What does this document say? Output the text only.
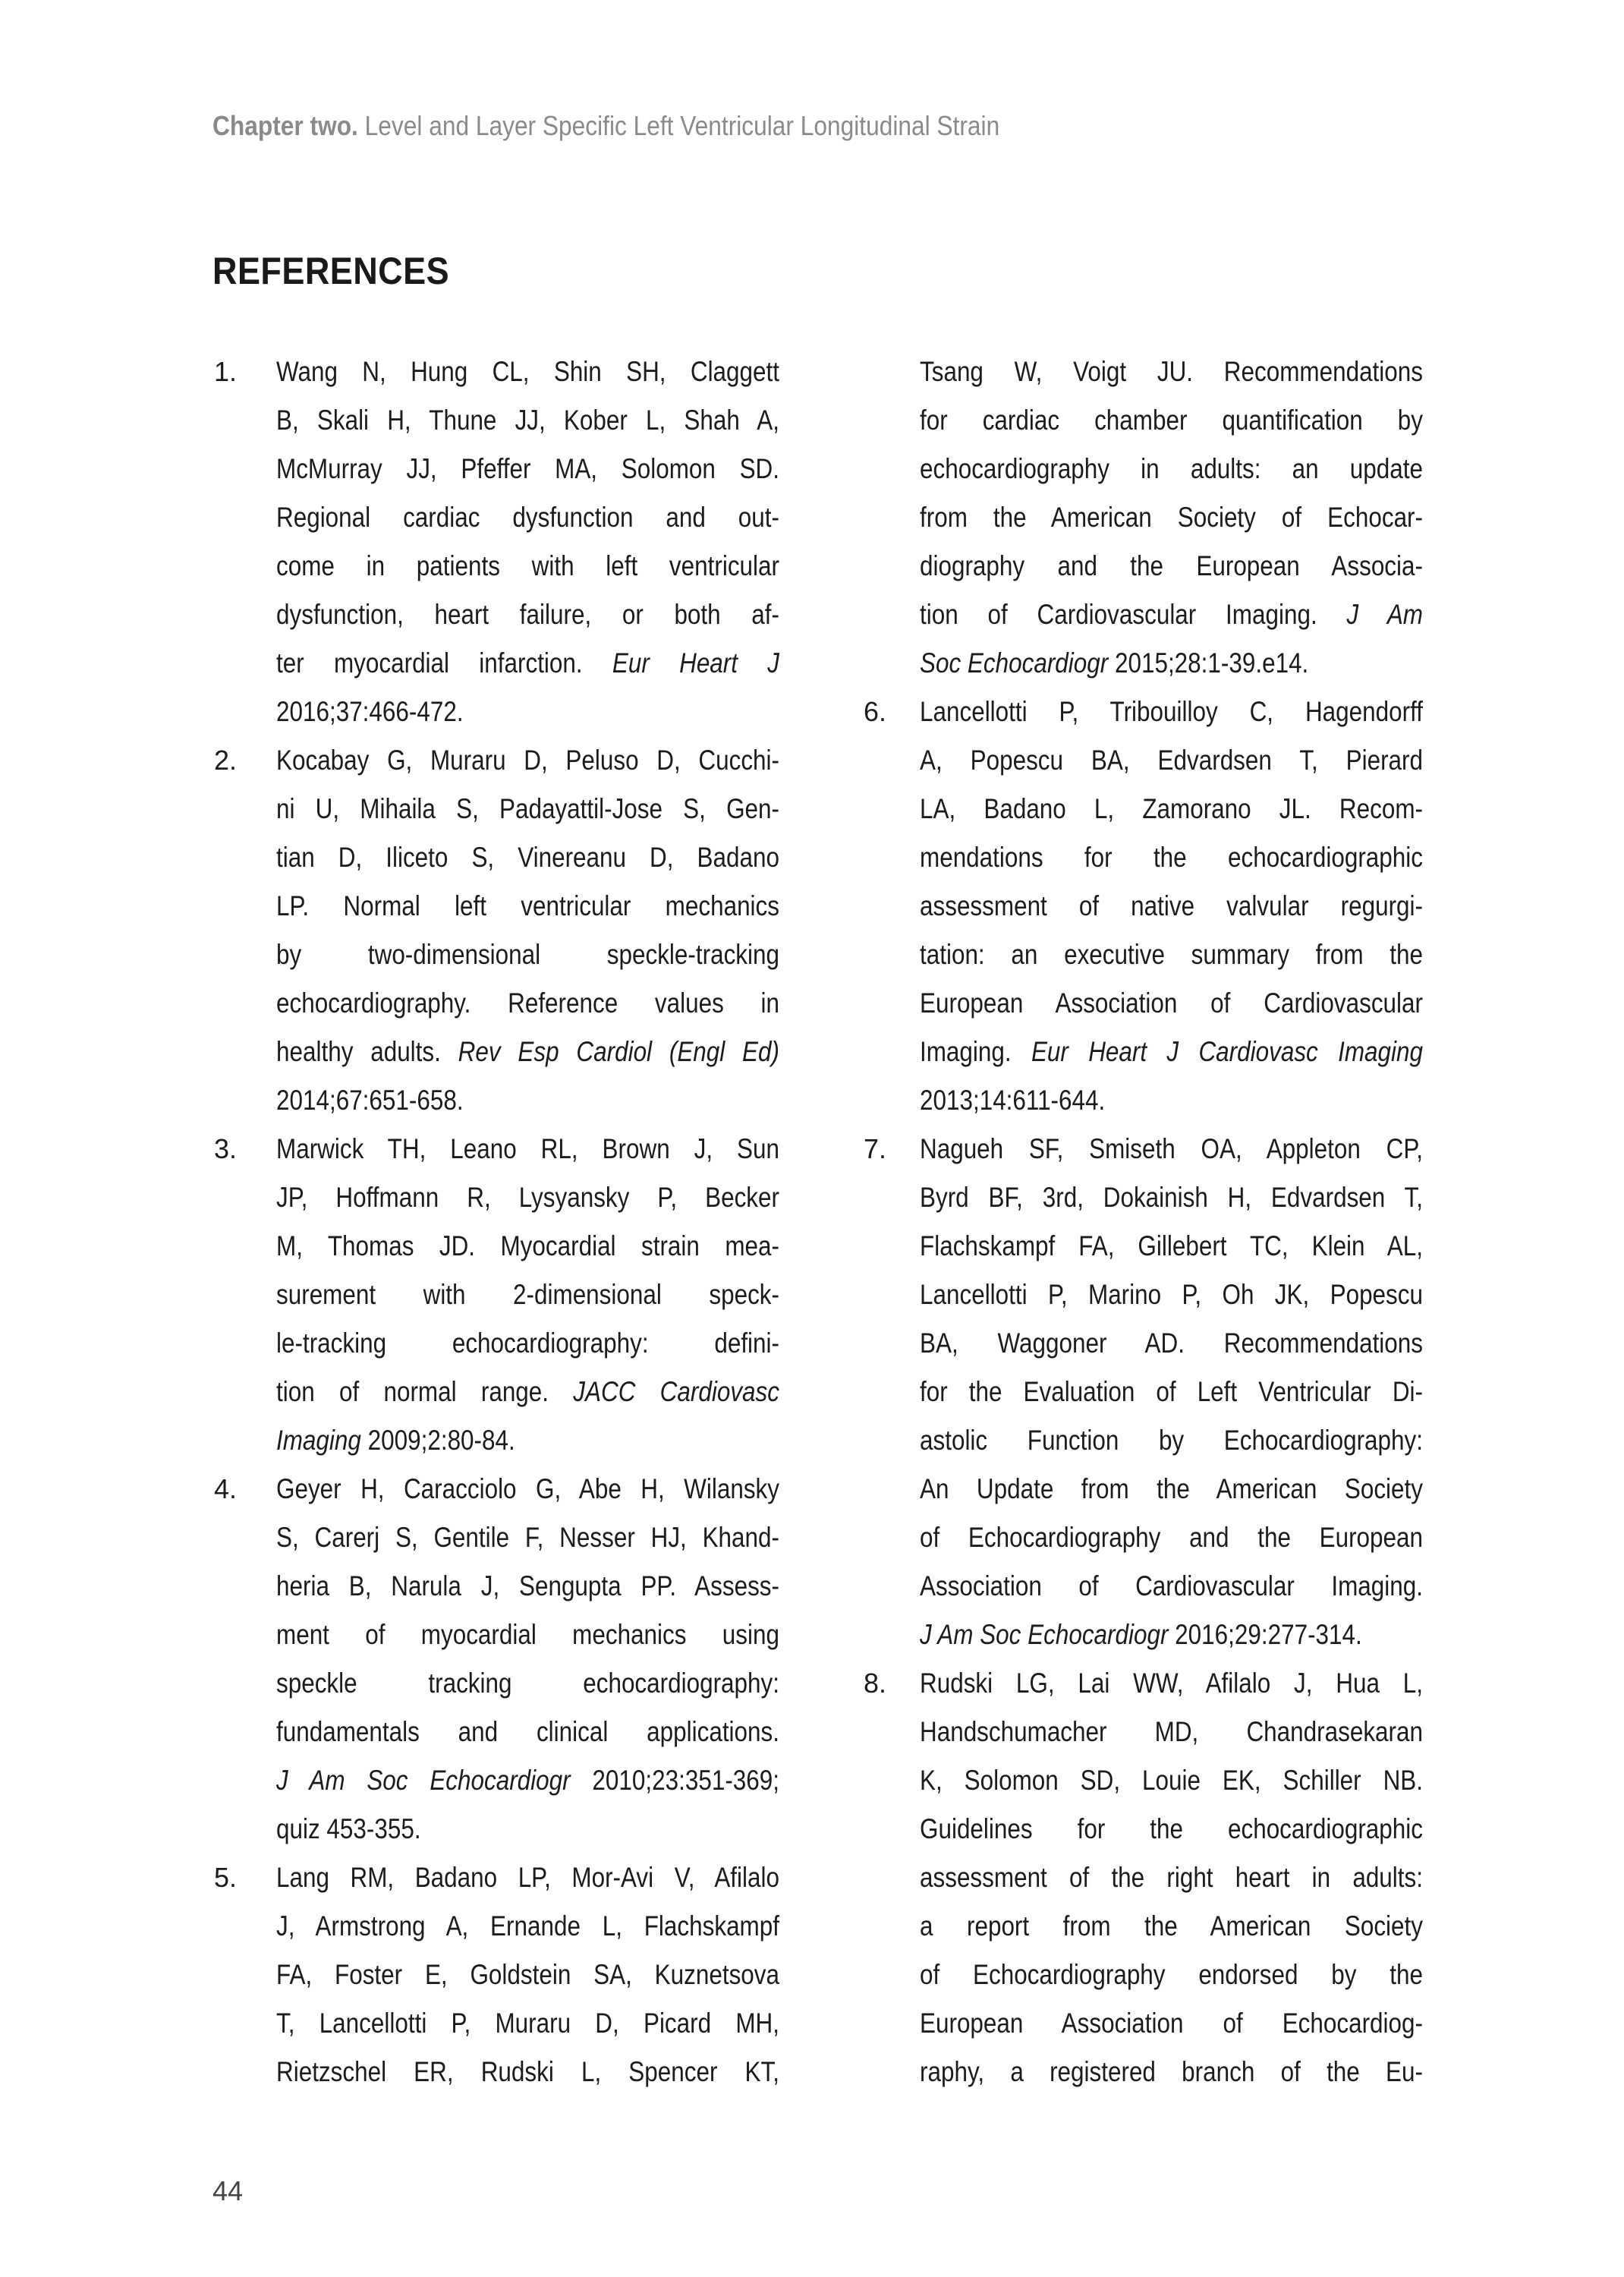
Chapter two. Level and Layer Specific Left Ventricular Longitudinal Strain
REFERENCES
1. Wang N, Hung CL, Shin SH, Claggett
B, Skali H, Thune JJ, Kober L, Shah A,
McMurray JJ, Pfeffer MA, Solomon SD.
Regional cardiac dysfunction and out-
come in patients with left ventricular
dysfunction, heart failure, or both af-
ter myocardial infarction. Eur Heart J
2016;37:466-472.
2. Kocabay G, Muraru D, Peluso D, Cucchi-
ni U, Mihaila S, Padayattil-Jose S, Gen-
tian D, Iliceto S, Vinereanu D, Badano
LP. Normal left ventricular mechanics
by two-dimensional speckle-tracking
echocardiography. Reference values in
healthy adults. Rev Esp Cardiol (Engl Ed)
2014;67:651-658.
3. Marwick TH, Leano RL, Brown J, Sun
JP, Hoffmann R, Lysyansky P, Becker
M, Thomas JD. Myocardial strain mea-
surement with 2-dimensional speck-
le-tracking echocardiography: defini-
tion of normal range. JACC Cardiovasc
Imaging 2009;2:80-84.
4. Geyer H, Caracciolo G, Abe H, Wilansky
S, Carerj S, Gentile F, Nesser HJ, Khand-
heria B, Narula J, Sengupta PP. Assess-
ment of myocardial mechanics using
speckle tracking echocardiography:
fundamentals and clinical applications.
J Am Soc Echocardiogr 2010;23:351-369;
quiz 453-355.
5. Lang RM, Badano LP, Mor-Avi V, Afilalo
J, Armstrong A, Ernande L, Flachskampf
FA, Foster E, Goldstein SA, Kuznetsova
T, Lancellotti P, Muraru D, Picard MH,
Rietzschel ER, Rudski L, Spencer KT,
Tsang W, Voigt JU. Recommendations
for cardiac chamber quantification by
echocardiography in adults: an update
from the American Society of Echocar-
diography and the European Associa-
tion of Cardiovascular Imaging. J Am
Soc Echocardiogr 2015;28:1-39.e14.
6. Lancellotti P, Tribouilloy C, Hagendorff
A, Popescu BA, Edvardsen T, Pierard
LA, Badano L, Zamorano JL. Recom-
mendations for the echocardiographic
assessment of native valvular regurgi-
tation: an executive summary from the
European Association of Cardiovascular
Imaging. Eur Heart J Cardiovasc Imaging
2013;14:611-644.
7. Nagueh SF, Smiseth OA, Appleton CP,
Byrd BF, 3rd, Dokainish H, Edvardsen T,
Flachskampf FA, Gillebert TC, Klein AL,
Lancellotti P, Marino P, Oh JK, Popescu
BA, Waggoner AD. Recommendations
for the Evaluation of Left Ventricular Di-
astolic Function by Echocardiography:
An Update from the American Society
of Echocardiography and the European
Association of Cardiovascular Imaging.
J Am Soc Echocardiogr 2016;29:277-314.
8. Rudski LG, Lai WW, Afilalo J, Hua L,
Handschumacher MD, Chandrasekaran
K, Solomon SD, Louie EK, Schiller NB.
Guidelines for the echocardiographic
assessment of the right heart in adults:
a report from the American Society
of Echocardiography endorsed by the
European Association of Echocardiog-
raphy, a registered branch of the Eu-
44
